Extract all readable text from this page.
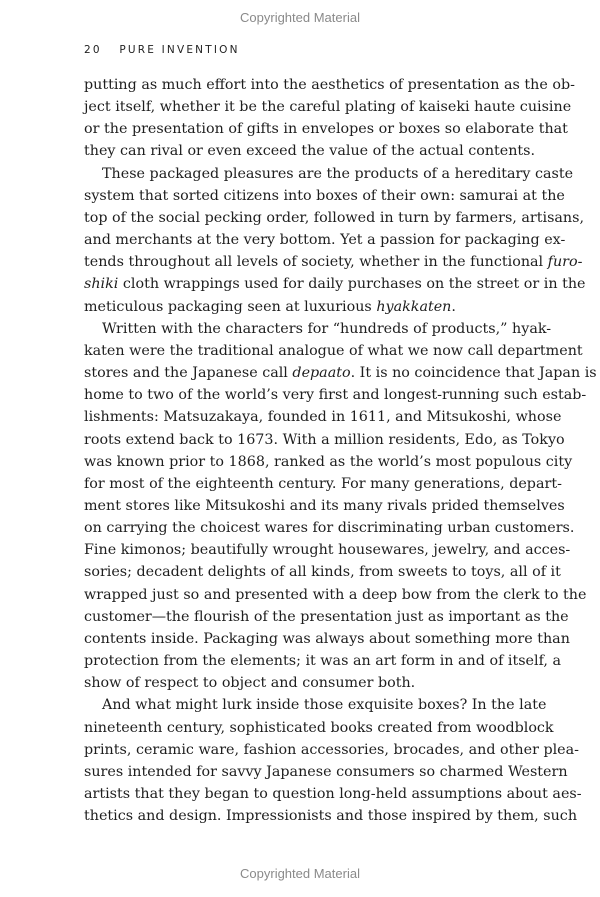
Copyrighted Material
20 PURE INVENTION

putting as much effort into the aesthetics of presentation as the ob-

ject itself, whether it be the careful plating of kaiseki haute cuisine

or the presentation of gifts in envelopes or boxes so elaborate that

they can rival or even exceed the value of the actual contents.

These packaged pleasures are the products of a hereditary caste

system that sorted citizens into boxes of their own: samurai at the

top of the social pecking order, followed in turn by farmers, artisans,

and merchants at the very bottom. Yet a passion for packaging ex-

tends throughout all levels of society, whether in the functional furo-

shiki cloth wrappings used for daily purchases on the street or in the

meticulous packaging seen at luxurious hyakkaten.

Written with the characters for “hundreds of products,” hyak-

katen were the traditional analogue of what we now call department

stores and the Japanese call depaato. It is no coincidence that Japan is

home to two of the world’s very first and longest-running such estab-

lishments: Matsuzakaya, founded in 1611, and Mitsukoshi, whose

roots extend back to 1673. With a million residents, Edo, as Tokyo

was known prior to 1868, ranked as the world’s most populous city

for most of the eighteenth century. For many generations, depart-

ment stores like Mitsukoshi and its many rivals prided themselves

on carrying the choicest wares for discriminating urban customers.

Fine kimonos; beautifully wrought housewares, jewelry, and acces-

sories; decadent delights of all kinds, from sweets to toys, all of it

wrapped just so and presented with a deep bow from the clerk to the

customer—the flourish of the presentation just as important as the

contents inside. Packaging was always about something more than

protection from the elements; it was an art form in and of itself, a

show of respect to object and consumer both.

And what might lurk inside those exquisite boxes? In the late

nineteenth century, sophisticated books created from woodblock

prints, ceramic ware, fashion accessories, brocades, and other plea-

sures intended for savvy Japanese consumers so charmed Western

artists that they began to question long-held assumptions about aes-

thetics and design. Impressionists and those inspired by them, such

Copyrighted Material
